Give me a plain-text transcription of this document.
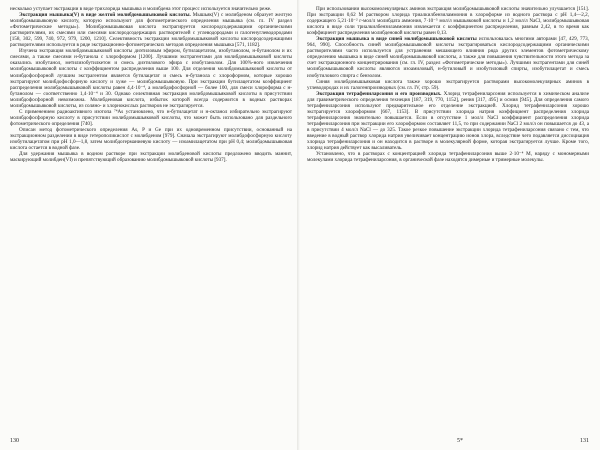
несколько уступает экстракции в виде трихлорида мышьяка и молибдена этот процесс используется значительно реже.

Экстракция мышьяка(V) в виде желтой молибдомышьяковой кислоты. Мышьяк(V) с молибденом образует желтую молибдомышьяковую кислоту, которую используют для фотометрического определения мышьяка (см. гл. IV раздел «Фотометрические методы»). Молибдомышьяковая кислота экстрагируется кислородсодержащими органическими растворителями, их смесями или смесями кислородсодержащих растворителей с углеводородами и галогенуглеводородами [158, 302, 599, 740, 972, 979, 1200, 1210]. Селективность экстракции молибдомышьяковой кислоты кислородсодержащими растворителями используется в ряде экстракционно-фотометрических методов определения мышьяка [571, 1182].

Изучена экстракция молибдомышьяковой кислоты диэтиловым эфиром, бутилацетатом, изобутанолом, н-бутанолом и их смесями, а также смесями н-бутанола с хлороформом [1200]. Лучшими экстрагентами для молибдомышьяковой кислоты оказались изобутанол, метилизобутилкетон и смесь диэтилового эфира с изобутанолом. Для 100%-ного извлечения молибдомышьяковой кислоты с коэффициентом распределения выше 100. Для отделения молибдомышьяковой кислоты от молибдофосфорной лучшим экстрагентом является бутилацетат и смесь н-бутанола с хлороформом, которые хорошо экстрагируют молибдофосфорную кислоту и хуже — молибдомышьяковую. При экстракции бутилацетатом коэффициент распределения молибдомышьяковой кислоты равен 4,4·10⁻⁴, а молибдофосфорной — более 100, для смеси хлороформа с н-бутанолом — соответственно 1,4·10⁻⁴ и 30. Однако селективная экстракция молибдомышьяковой кислоты в присутствии молибдофосфорной невозможна. Молибденовая кислота, избыток которой всегда содержится в водных растворах молибдомышьяковой кислоты, из солянo- и хлорнокислых растворов не экстрагируется.

С применением радиоактивного изотопа ⁷⁴As установлено, что н-бутилацетат и н-октанол избирательно экстрагируют молибдофосфорную кислоту в присутствии молибдомышьяковой кислоты, что может быть использовано для раздельного фотометрического определения [740].

Описан метод фотометрического определения As, P и Ge при их одновременном присутствии, основанный на экстракционном разделении в виде гетерополикислот с молибденом [979]. Сначала экстрагируют молибдофосфорную кислоту изобутилацетатом при pH 1,0—1,8, затем молибдогерманиевую кислоту — изоамилацетатом при pH 0,4; молибдомышьяковая кислота остается в водной фазе.

Для удержания мышьяка в водном растворе при экстракции молибденовой кислоты предложено вводить маннит, маскирующий молибден(VI) и препятствующий образованию молибдомышьяковой кислоты [937].

130

При использовании высокомолекулярных аминов экстракция молибдомышьяковой кислоты значительно улучшается [151]. При экстракции 0,62 М раствором хлорида триалкилбензиламмония в хлороформе из водного раствора с pH 1,4—2,2, содержащего 5,21·10⁻² г-мол/л молибдата аммония, 7·10⁻⁵ мол/л мышьяковой кислоты и 1,2 мол/л NaCl, молибдомышьяковая кислота в виде соли триалкилбензиламмония извлекается с коэффициентом распределения, равным 2,42, в то время как коэффициент распределения молибденовой кислоты равен 0,13.

Экстракция мышьяка в виде синей молибдомышьяковой кислоты использовалась многими авторами [47, 429, 773, 964, 990]. Способность синей молибдомышьяковой кислоты экстрагироваться кислородсодержащими органическими растворителями часто используется для устранения мешающего влияния ряда других элементов фотометрическому определению мышьяка в виде синей молибдомышьяковой кислоты, а также для повышения чувствительности этого метода за счет экстракционного концентрирования (см. гл. IV, раздел «Фотометрические методы»). Лучшими экстрагентами для синей молибдомышьяковой кислоты являются изоамиловый, н-бутиловый и изобутиловый спирты, изобутилацетат и смесь изобутилового спирта с бензолом.

Синяя молибдомышьяковая кислота также хорошо экстрагируется растворами высокомолекулярных аминов в углеводородах и их галогенпроизводных (см. гл. IV, стр. 59).

Экстракция тетрафениларсония и его производных. Хлорид тетрафениларсония используется в химическом анализе для гравиметрического определения технеция [187, 319, 770, 1152], рения [317, 495] и осмия [945]. Для определения самого тетрафениларсония используют предварительное его отделение экстракцией. Хлорид тетрафениларсония хорошо экстрагируется хлороформом [667, 1153]. В присутствии хлорида натрия коэффициент распределения хлорида тетрафениларсония значительно повышается. Если в отсутствие 1 мол/л NaCl коэффициент распределения хлорида тетрафениларсония при экстракции его хлороформом составляет 11,5, то при содержании NaCl 2 мол/л он повышается до 43, а в присутствии 4 мол/л NaCl — до 325. Такое резкое повышение экстракции хлорида тетрафениларсония связано с тем, что введение в водный раствор хлорида натрия увеличивает концентрацию ионов хлора, вследствие чего подавляется диссоциация хлорида тетрафениларсония и он находится в растворе в молекулярной форме, которая экстрагируется лучше. Кроме того, хлорид натрия действует как высаливатель.

Установлено, что в растворах с концентрацией хлорида тетрафениларсония выше 2·10⁻⁴ М, наряду с мономерными молекулами хлорида тетрафениларсония, в органической фазе находятся димерные и тримерные молекулы.

5*	131
